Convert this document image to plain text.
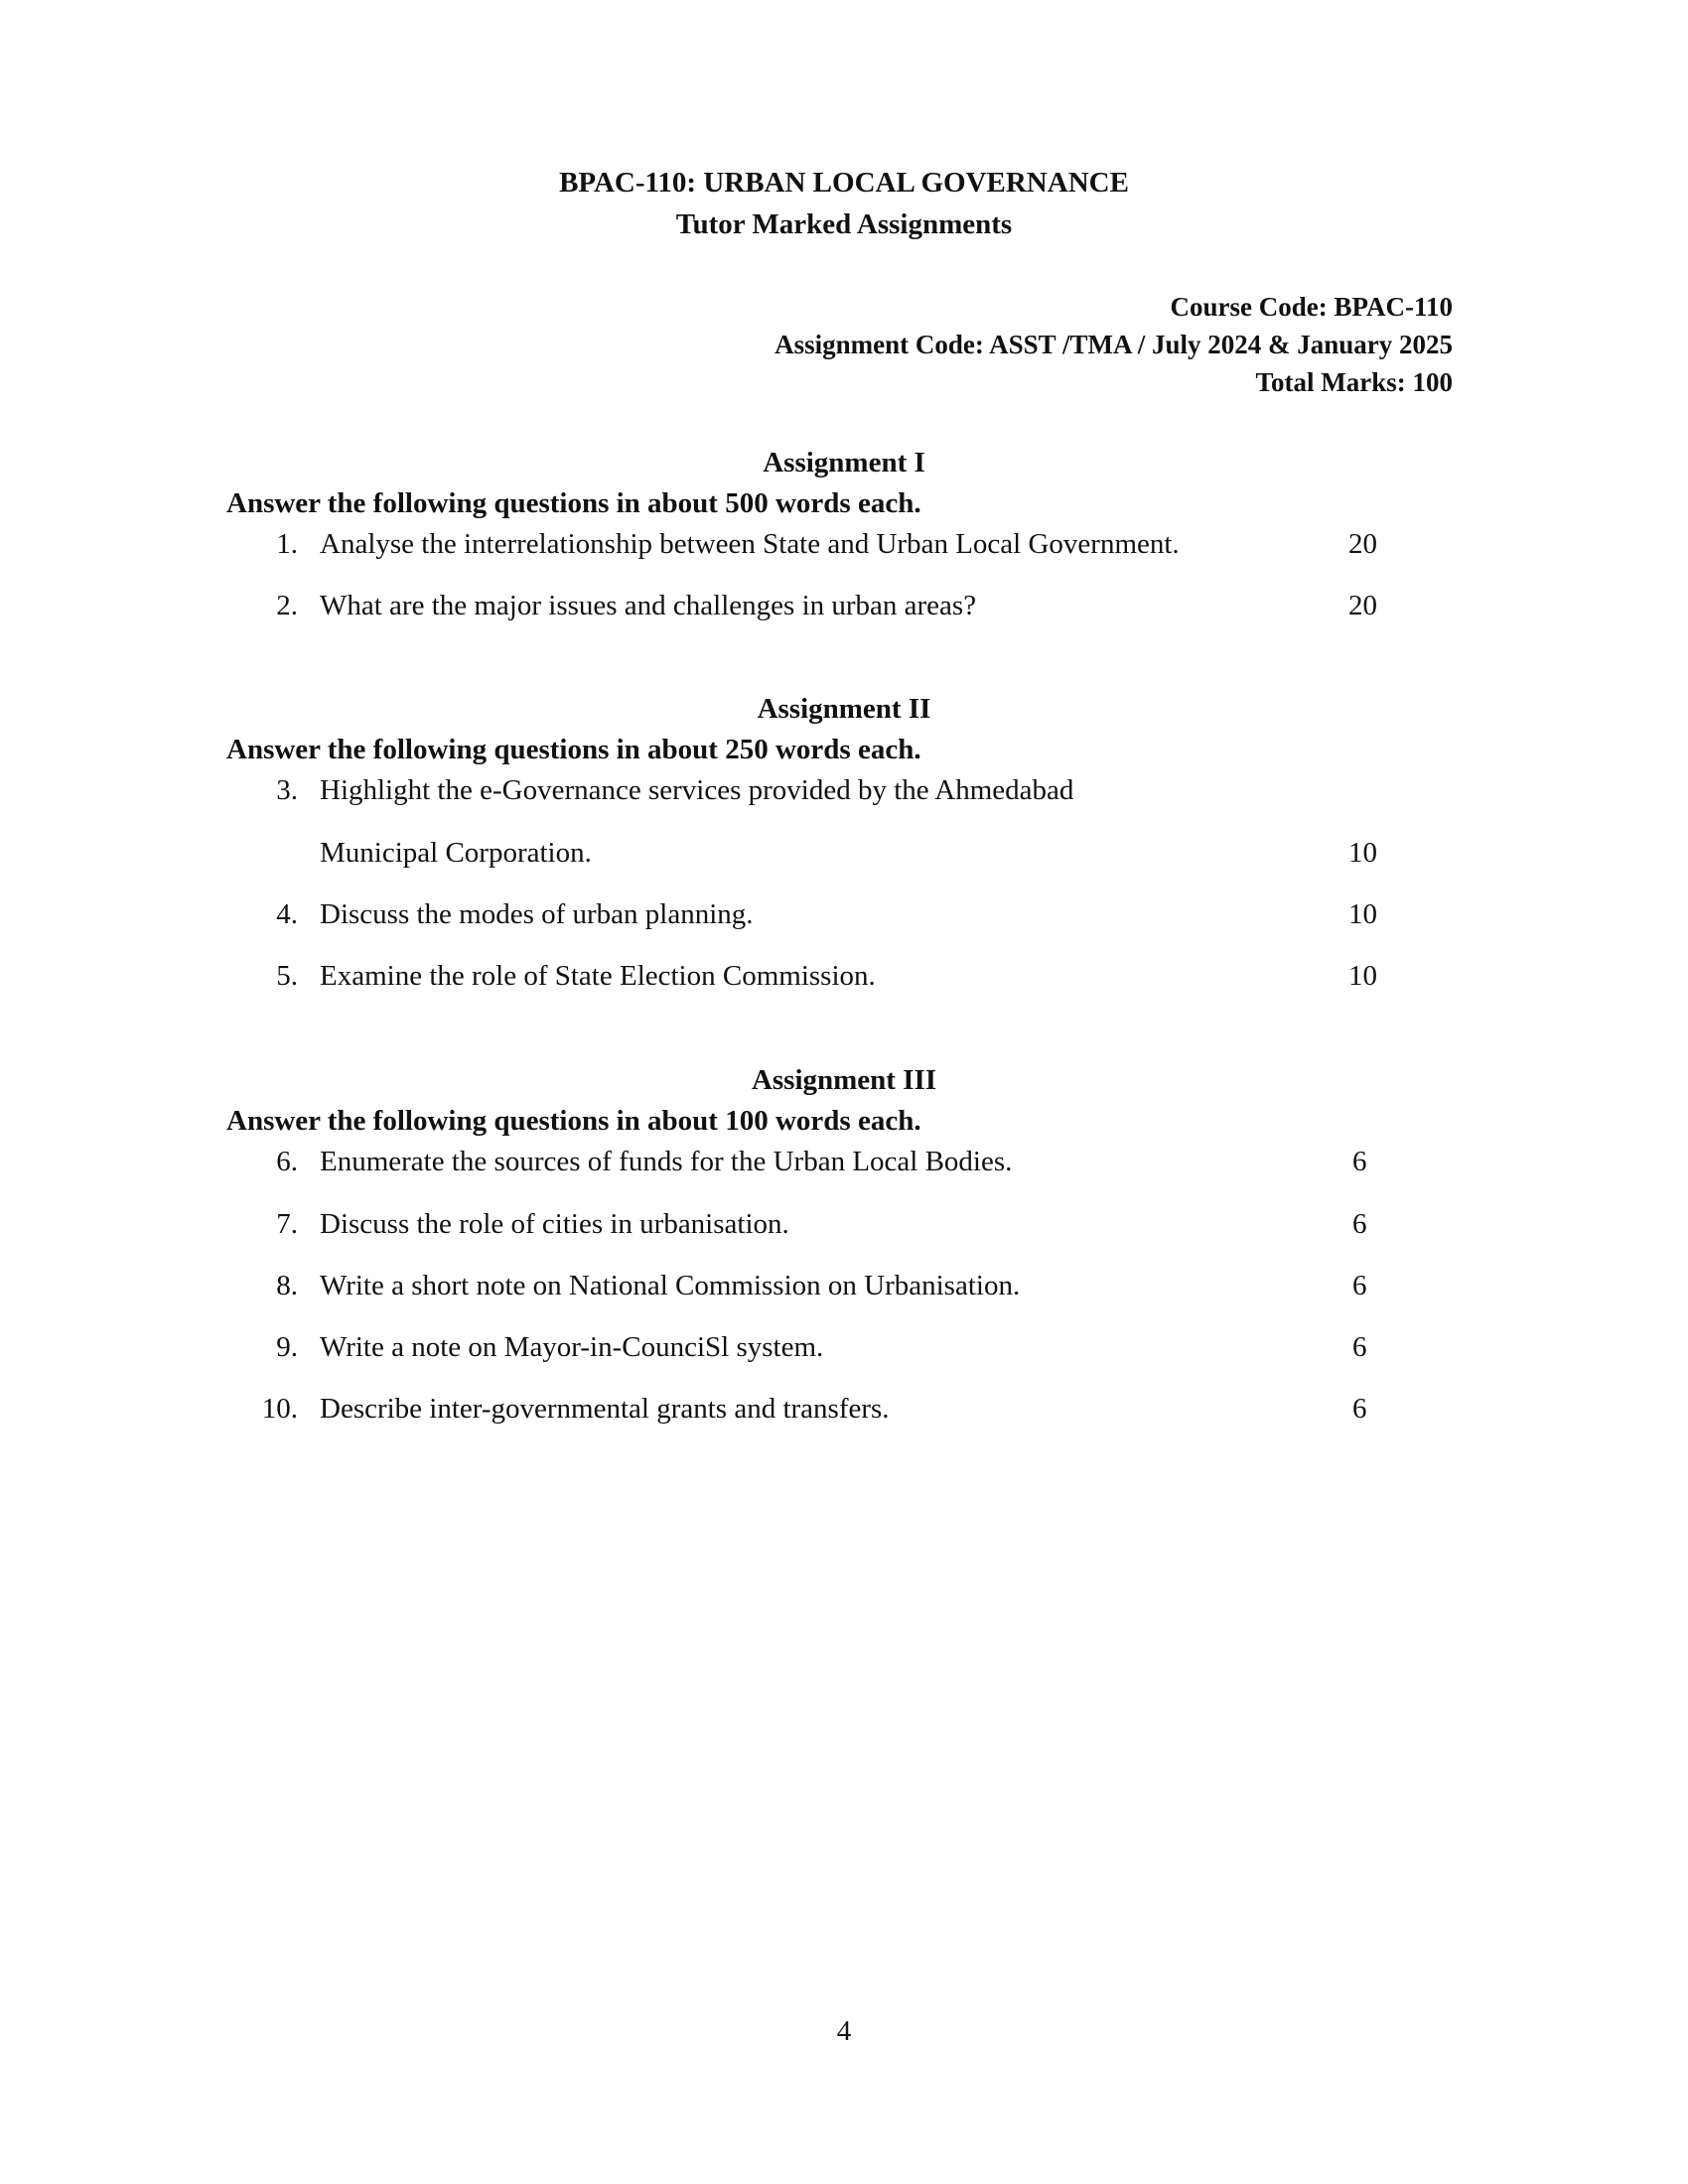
BPAC-110: URBAN LOCAL GOVERNANCE
Tutor Marked Assignments
Course Code: BPAC-110
Assignment Code: ASST /TMA / July 2024 & January 2025
Total Marks: 100
Assignment I
Answer the following questions in about 500 words each.
1. Analyse the interrelationship between State and Urban Local Government.	20
2. What are the major issues and challenges in urban areas?	20
Assignment II
Answer the following questions in about 250 words each.
3. Highlight the e-Governance services provided by the Ahmedabad
Municipal Corporation.	10
4. Discuss the modes of urban planning.	10
5. Examine the role of State Election Commission.	10
Assignment III
Answer the following questions in about 100 words each.
6. Enumerate the sources of funds for the Urban Local Bodies.	6
7. Discuss the role of cities in urbanisation.	6
8. Write a short note on National Commission on Urbanisation.	6
9. Write a note on Mayor-in-CounciSl system.	6
10. Describe inter-governmental grants and transfers.	6
4
